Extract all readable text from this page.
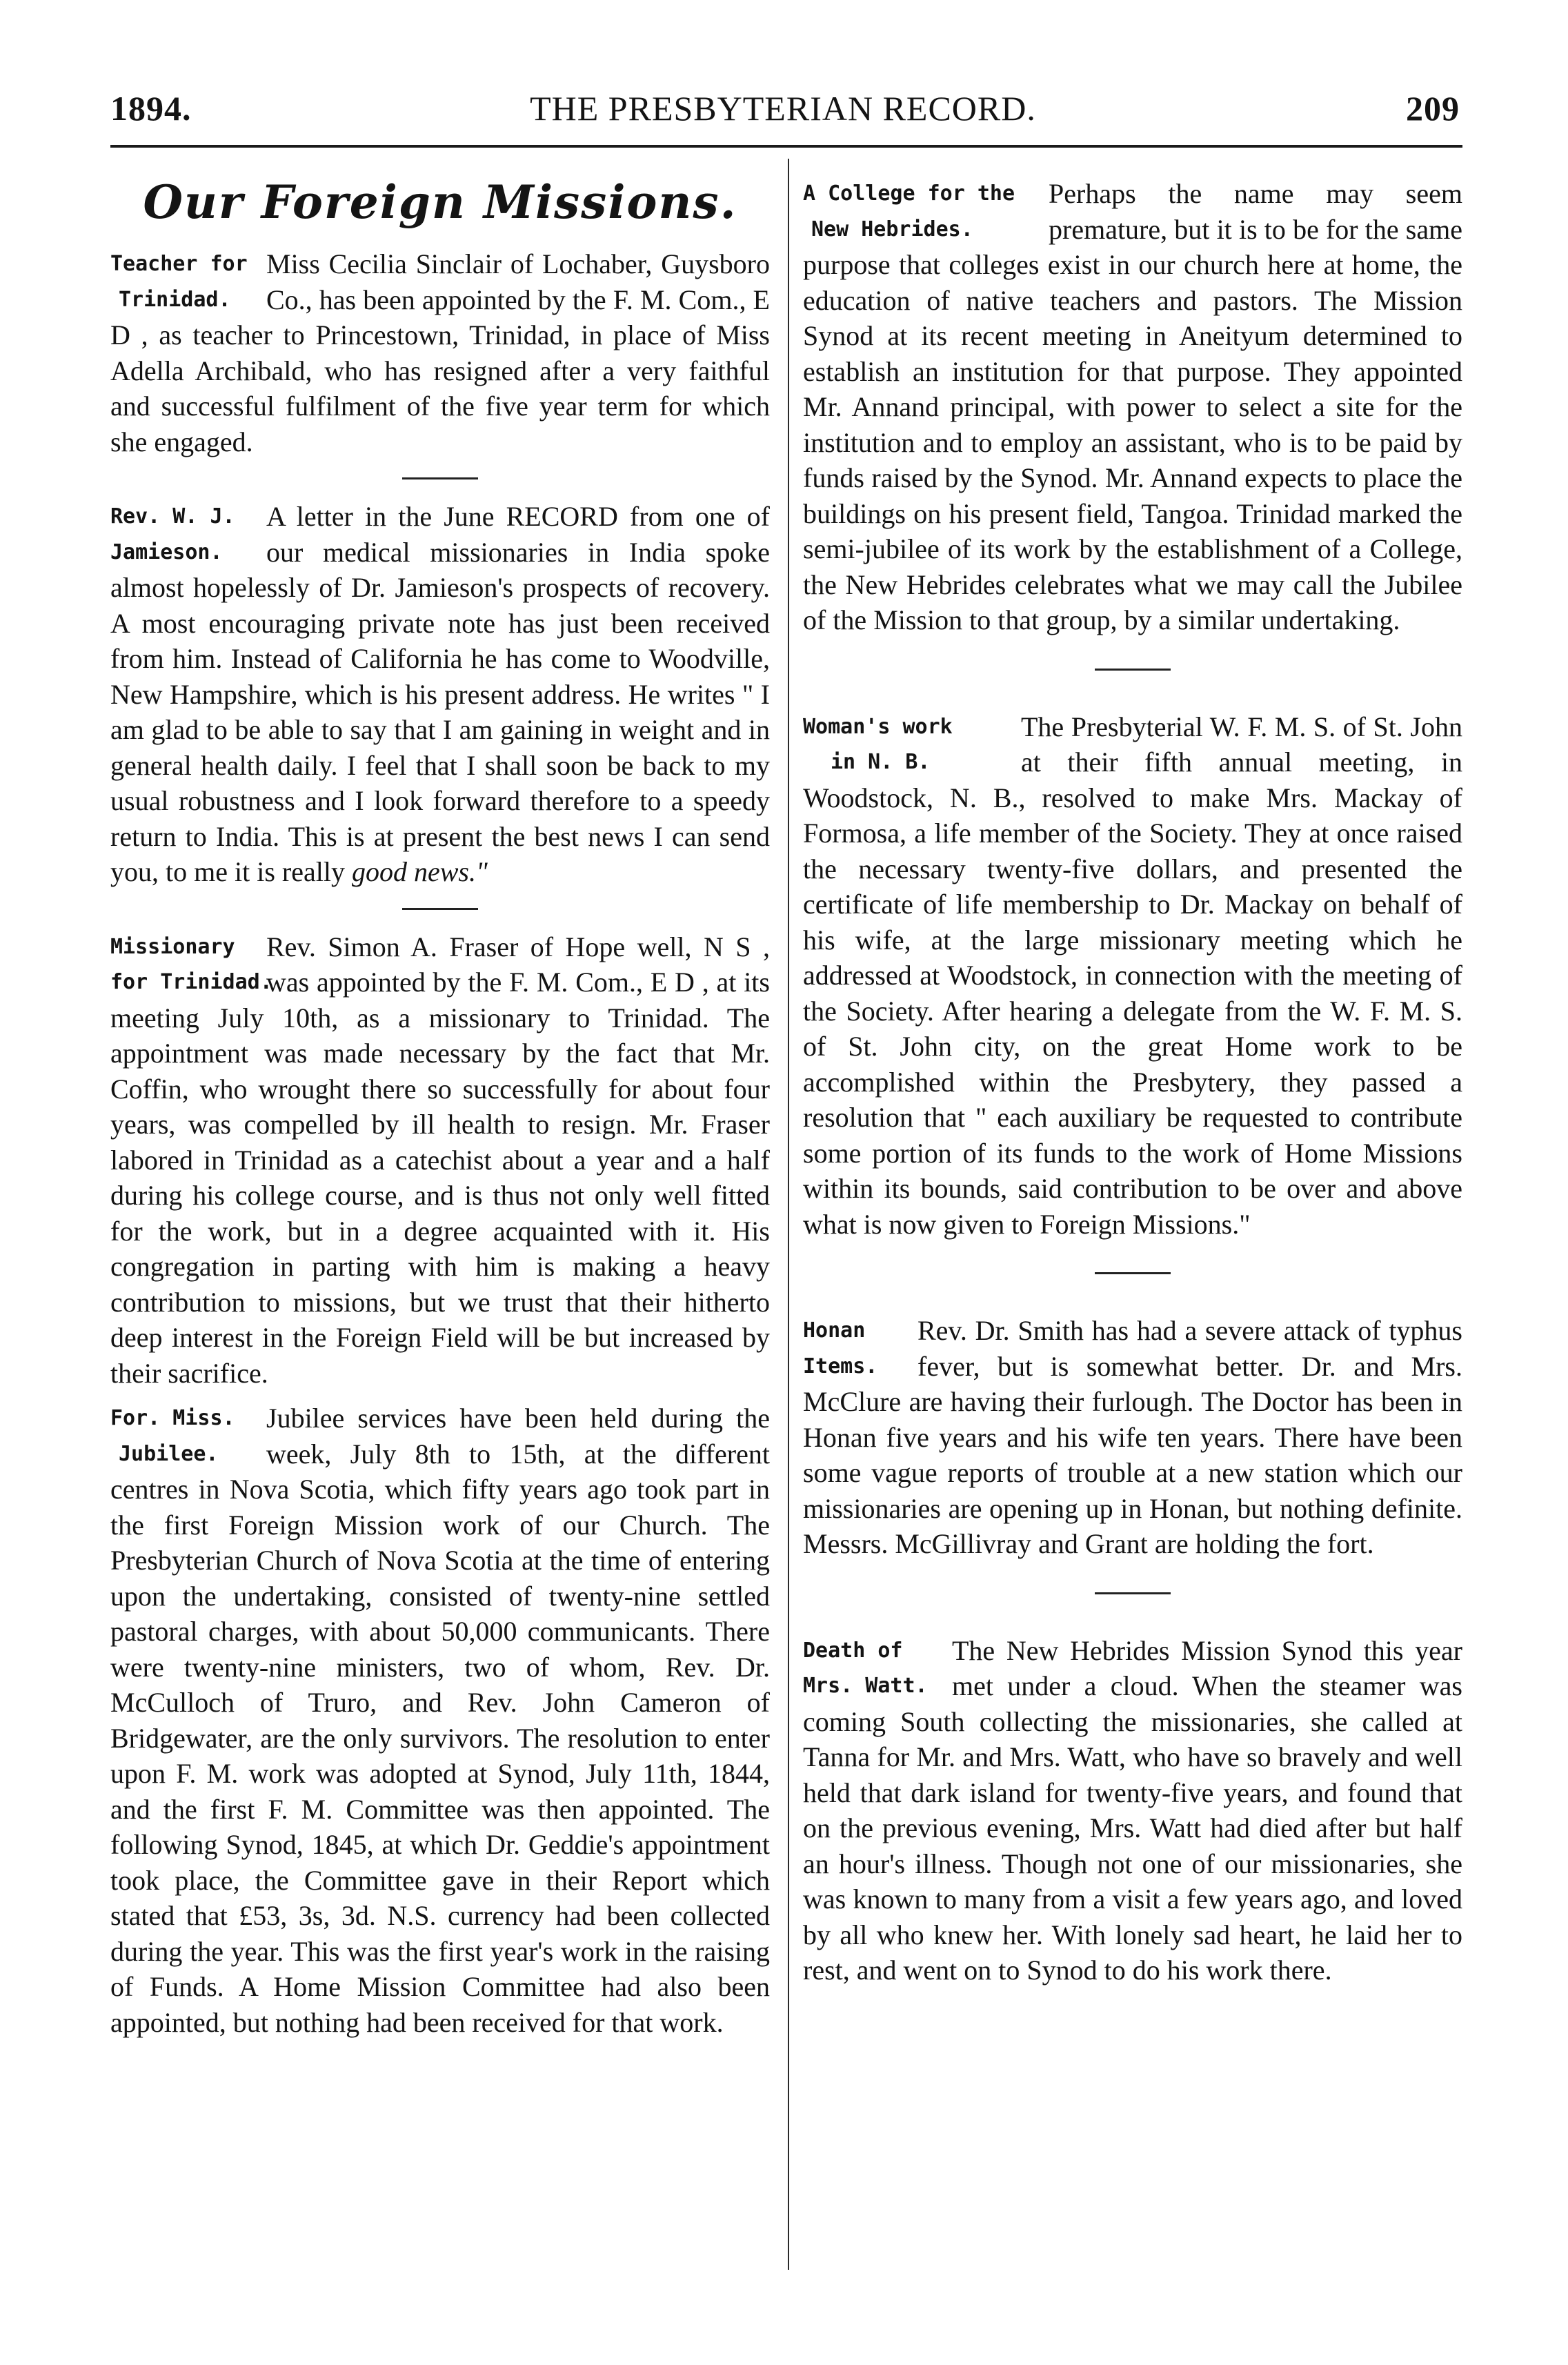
1894.	THE PRESBYTERIAN RECORD.	209
Our Foreign Missions.
Teacher for
Trinidad.

Miss Cecilia Sinclair of Lochaber, Guysboro Co., has been appointed by the F. M. Com., E D , as teacher to Princestown, Trinidad, in place of Miss Adella Archibald, who has resigned after a very faithful and successful fulfilment of the five year term for which she engaged.

Rev. W. J.
Jamieson.

A letter in the June RECORD from one of our medical missionaries in India spoke almost hopelessly of Dr. Jamieson's prospects of recovery. A most encouraging private note has just been received from him. Instead of California he has come to Woodville, New Hampshire, which is his present address. He writes " I am glad to be able to say that I am gaining in weight and in general health daily. I feel that I shall soon be back to my usual robustness and I look forward therefore to a speedy return to India. This is at present the best news I can send you, to me it is really good news."

Missionary
for Trinidad.

Rev. Simon A. Fraser of Hope well, N S , was appointed by the F. M. Com., E D , at its meeting July 10th, as a missionary to Trinidad. The appointment was made necessary by the fact that Mr. Coffin, who wrought there so successfully for about four years, was compelled by ill health to resign. Mr. Fraser labored in Trinidad as a catechist about a year and a half during his college course, and is thus not only well fitted for the work, but in a degree acquainted with it. His congregation in parting with him is making a heavy contribution to missions, but we trust that their hitherto deep interest in the Foreign Field will be but increased by their sacrifice.

For. Miss.
Jubilee.

Jubilee services have been held during the week, July 8th to 15th, at the different centres in Nova Scotia, which fifty years ago took part in the first Foreign Mission work of our Church. The Presbyterian Church of Nova Scotia at the time of entering upon the undertaking, consisted of twenty-nine settled pastoral charges, with about 50,000 communicants. There were twenty-nine ministers, two of whom, Rev. Dr. McCulloch of Truro, and Rev. John Cameron of Bridgewater, are the only survivors. The resolution to enter upon F. M. work was adopted at Synod, July 11th, 1844, and the first F. M. Committee was then appointed. The following Synod, 1845, at which Dr. Geddie's appointment took place, the Committee gave in their Report which stated that £53, 3s, 3d. N.S. currency had been collected during the year. This was the first year's work in the raising of Funds. A Home Mission Committee had also been appointed, but nothing had been received for that work.

A College for the
New Hebrides.

Perhaps the name may seem premature, but it is to be for the same purpose that colleges exist in our church here at home, the education of native teachers and pastors. The Mission Synod at its recent meeting in Aneityum determined to establish an institution for that purpose. They appointed Mr. Annand principal, with power to select a site for the institution and to employ an assistant, who is to be paid by funds raised by the Synod. Mr. Annand expects to place the buildings on his present field, Tangoa. Trinidad marked the semi-jubilee of its work by the establishment of a College, the New Hebrides celebrates what we may call the Jubilee of the Mission to that group, by a similar undertaking.

Woman's work
in N. B.

The Presbyterial W. F. M. S. of St. John at their fifth annual meeting, in Woodstock, N. B., resolved to make Mrs. Mackay of Formosa, a life member of the Society. They at once raised the necessary twenty-five dollars, and presented the certificate of life membership to Dr. Mackay on behalf of his wife, at the large missionary meeting which he addressed at Woodstock, in connection with the meeting of the Society. After hearing a delegate from the W. F. M. S. of St. John city, on the great Home work to be accomplished within the Presbytery, they passed a resolution that " each auxiliary be requested to contribute some portion of its funds to the work of Home Missions within its bounds, said contribution to be over and above what is now given to Foreign Missions."

Honan
Items.

Rev. Dr. Smith has had a severe attack of typhus fever, but is somewhat better. Dr. and Mrs. McClure are having their furlough. The Doctor has been in Honan five years and his wife ten years. There have been some vague reports of trouble at a new station which our missionaries are opening up in Honan, but nothing definite. Messrs. McGillivray and Grant are holding the fort.

Death of
Mrs. Watt.

The New Hebrides Mission Synod this year met under a cloud. When the steamer was coming South collecting the missionaries, she called at Tanna for Mr. and Mrs. Watt, who have so bravely and well held that dark island for twenty-five years, and found that on the previous evening, Mrs. Watt had died after but half an hour's illness. Though not one of our missionaries, she was known to many from a visit a few years ago, and loved by all who knew her. With lonely sad heart, he laid her to rest, and went on to Synod to do his work there.
